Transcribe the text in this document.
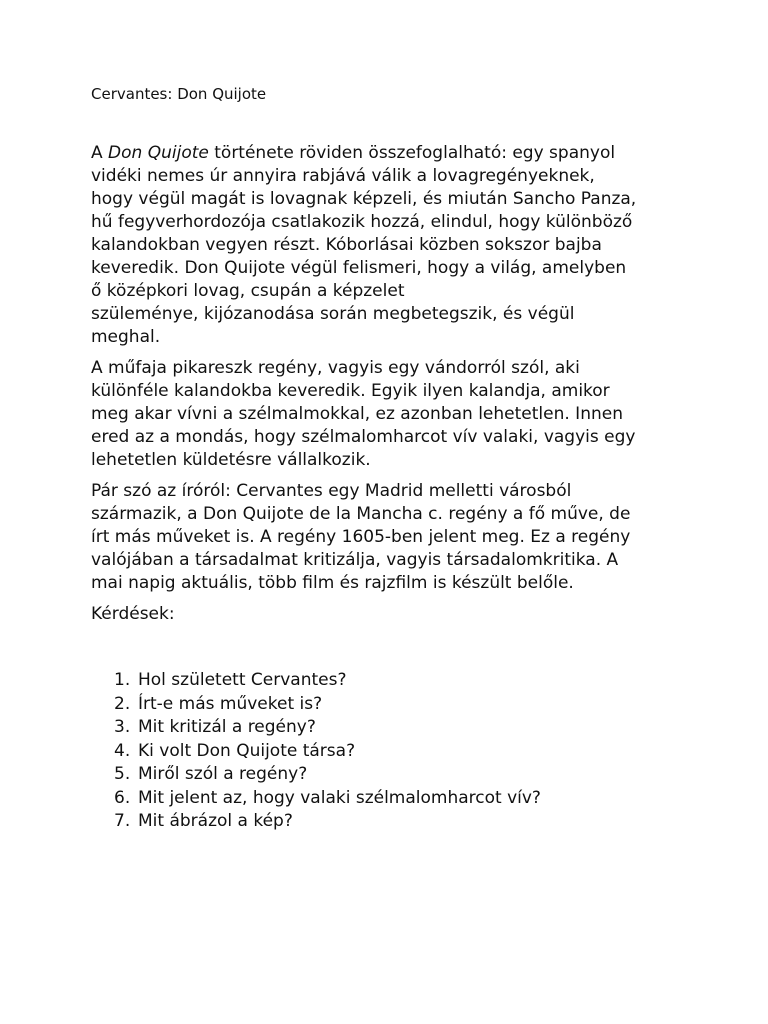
Cervantes: Don Quijote

A Don Quijote története röviden összefoglalható: egy spanyol
vidéki nemes úr annyira rabjává válik a lovagregényeknek,
hogy végül magát is lovagnak képzeli, és miután Sancho Panza,
hű fegyverhordozója csatlakozik hozzá, elindul, hogy különböző
kalandokban vegyen részt. Kóborlásai közben sokszor bajba
keveredik. Don Quijote végül felismeri, hogy a világ, amelyben
ő középkori lovag, csupán a képzelet
szüleménye, kijózanodása során megbetegszik, és végül
meghal.

A műfaja pikareszk regény, vagyis egy vándorról szól, aki
különféle kalandokba keveredik. Egyik ilyen kalandja, amikor
meg akar vívni a szélmalmokkal, ez azonban lehetetlen. Innen
ered az a mondás, hogy szélmalomharcot vív valaki, vagyis egy
lehetetlen küldetésre vállalkozik.

Pár szó az íróról: Cervantes egy Madrid melletti városból
származik, a Don Quijote de la Mancha c. regény a fő műve, de
írt más műveket is. A regény 1605-ben jelent meg. Ez a regény
valójában a társadalmat kritizálja, vagyis társadalomkritika. A
mai napig aktuális, több film és rajzfilm is készült belőle.

Kérdések:

1. Hol született Cervantes?
2. Írt-e más műveket is?
3. Mit kritizál a regény?
4. Ki volt Don Quijote társa?
5. Miről szól a regény?
6. Mit jelent az, hogy valaki szélmalomharcot vív?
7. Mit ábrázol a kép?
